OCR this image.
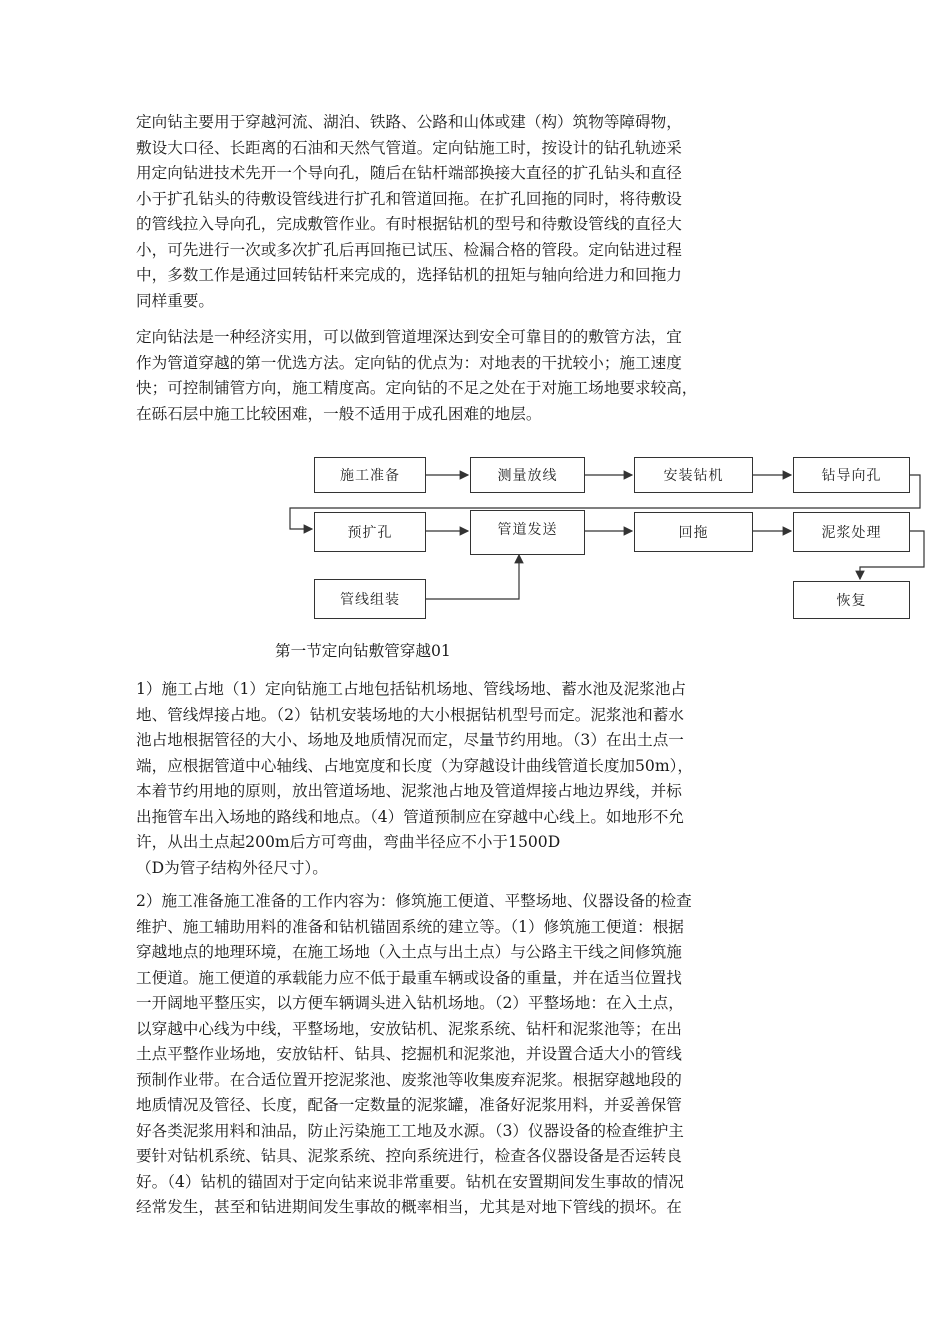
定向钻主要用于穿越河流、湖泊、铁路、公路和山体或建（构）筑物等障碍物，
敷设大口径、长距离的石油和天然气管道。定向钻施工时，按设计的钻孔轨迹采
用定向钻进技术先开一个导向孔，随后在钻杆端部换接大直径的扩孔钻头和直径
小于扩孔钻头的待敷设管线进行扩孔和管道回拖。在扩孔回拖的同时，将待敷设
的管线拉入导向孔，完成敷管作业。有时根据钻机的型号和待敷设管线的直径大
小，可先进行一次或多次扩孔后再回拖已试压、检漏合格的管段。定向钻进过程
中，多数工作是通过回转钻杆来完成的，选择钻机的扭矩与轴向给进力和回拖力
同样重要。
定向钻法是一种经济实用，可以做到管道埋深达到安全可靠目的的敷管方法，宜
作为管道穿越的第一优选方法。定向钻的优点为：对地表的干扰较小；施工速度
快；可控制铺管方向，施工精度高。定向钻的不足之处在于对施工场地要求较高，
在砾石层中施工比较困难，一般不适用于成孔困难的地层。
施工准备	测量放线	安装钻机	钻导向孔
预扩孔	管道发送	回拖	泥浆处理
管线组装	恢复
第一节定向钻敷管穿越01
1）施工占地（1）定向钻施工占地包括钻机场地、管线场地、蓄水池及泥浆池占
地、管线焊接占地。（2）钻机安装场地的大小根据钻机型号而定。泥浆池和蓄水
池占地根据管径的大小、场地及地质情况而定，尽量节约用地。（3）在出土点一
端，应根据管道中心轴线、占地宽度和长度（为穿越设计曲线管道长度加50m），
本着节约用地的原则，放出管道场地、泥浆池占地及管道焊接占地边界线，并标
出拖管车出入场地的路线和地点。（4）管道预制应在穿越中心线上。如地形不允
许，从出土点起200m后方可弯曲，弯曲半径应不小于1500D
（D为管子结构外径尺寸）。
2）施工准备施工准备的工作内容为：修筑施工便道、平整场地、仪器设备的检查
维护、施工辅助用料的准备和钻机锚固系统的建立等。（1）修筑施工便道：根据
穿越地点的地理环境，在施工场地（入土点与出土点）与公路主干线之间修筑施
工便道。施工便道的承载能力应不低于最重车辆或设备的重量，并在适当位置找
一开阔地平整压实，以方便车辆调头进入钻机场地。（2）平整场地：在入土点，
以穿越中心线为中线，平整场地，安放钻机、泥浆系统、钻杆和泥浆池等；在出
土点平整作业场地，安放钻杆、钻具、挖掘机和泥浆池，并设置合适大小的管线
预制作业带。在合适位置开挖泥浆池、废浆池等收集废弃泥浆。根据穿越地段的
地质情况及管径、长度，配备一定数量的泥浆罐，准备好泥浆用料，并妥善保管
好各类泥浆用料和油品，防止污染施工工地及水源。（3）仪器设备的检查维护主
要针对钻机系统、钻具、泥浆系统、控向系统进行，检查各仪器设备是否运转良
好。（4）钻机的锚固对于定向钻来说非常重要。钻机在安置期间发生事故的情况
经常发生，甚至和钻进期间发生事故的概率相当，尤其是对地下管线的损坏。在
